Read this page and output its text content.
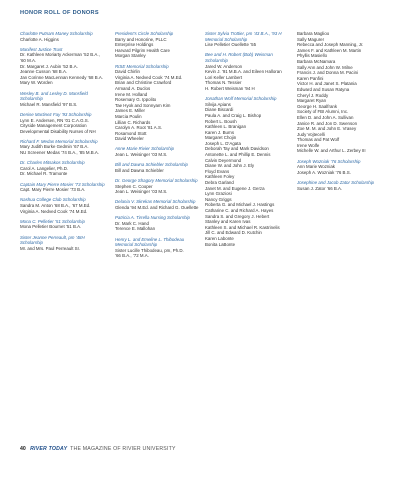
HONOR ROLL OF DONORS
Charlotte Putnam Maney Scholarship
Charlotte A. Higgins
Manifest Justice Trust
Dr. Kathleen Moriarty Ackerman ’52 B.A.,
’60 M.A.
Dr. Margaret J. Aubin ’52 B.A.
Jeanne Cusson ’68 B.A.
Jan Corinne MacLennan Kennedy ’68 B.A.
Mary W. Worden
Wesley B. and Lesley D. Mansfield
Scholarship
Michael R. Mansfield ’97 B.S.
Denise Martinez Fay ’93 Scholarship
Lynn E. Andersen, RN ’01 C.A.G.S.
Cityside Management Corporation
Developmental Disability Nurses of NH
Richard F. Medas Memorial Scholarship
Mary Judith Burke Gedmin ’67 B.A.
NU Screener Medas ’74 B.A., ’85 M.B.A.
Dr. Charles Mitsakos Scholarship
Carol A. Langelier, Ph.D.
Dr. Michael R. Tramonte
Captain Mary Pierre Mosier ’73 Scholarship
Capt. Mary Pierre Mosier ’73 B.A.
Nashua College Club Scholarship
Sandra M. Anton ’68 B.A., ’67 M.Ed.
Virginia A. Nedved Cook ’74 M.Ed.
Mona C. Pelletier ’51 Scholarship
Mona Pelletier Bournet ’51 B.A.
Sister Jeanne Perreault, pm ’48H
Scholarship
Mr. and Mrs. Paul Perreault Sr.
President’s Circle Scholarship
Barry and Honorine, PLLC
Enterprise Holdings
Harvard Pilgrim Health Care
Morgan Stanley
RISE Memorial Scholarship
David Chirlin
Virginia A. Nedved Cook ’74 M.Ed.
Brian and Christine Crawford
Armand A. Duclos
Irene M. Holland
Rosemary G. Ippolito
Tae Hyok and Sonnyam Kim
James E. Miller
Marcia Poulin
Lillian C. Richards
Carolyn A. Root ’81 A.S.
Rosamond Stott
David Wheeler
Anne Marie Rivier Scholarship
Jean L. Weisinger ’03 M.S.
Bill and Dawna Schiebler Scholarship
Bill and Dawna Schiebler
Dr. George Shagory Memorial Scholarship
Stephen C. Cooper
Jean L. Weisinger ’03 M.S.
Delania V. Skrekas Memorial Scholarship
Glenda ’94 M.Ed. and Richard G. Ouellette
Patricia A. Tirrella Nursing Scholarship
Dr. Mark C. Hand
Terence E. Mallohan
Henry L. and Emeline L. Thibodeau
Memorial Scholarship
Sister Lucille Thibodeau, pm, Ph.D.
’66 B.A., ’72 M.A.
Sister Sylvia Trottier, pm ’43 B.A., ’93 H
Memorial Scholarship
Lise Pelletier Ouellette ’55
Bee and H. Robert (Bob) Weisman
Scholarship
Jared W. Anderson
Kevin J. ’91 M.B.A. and Eileen Halloran
Lori Keller Lambert
Thomas N. Tessier
H. Robert Weisman ’94 H
Jonathan Wolf Memorial Scholarship
Silvija Apians
Diane Biscardi
Paula A. and Craig L. Bishop
Robert L. Boush
Kathleen L. Branigan
Karen J. Burns
Margaret Chojin
Joseph L. D’Agata
Deborah Tay and Mark Davidson
Antonette L. and Phillip E. Dennis
Calvin Deyermond
Diane W. and John J. Ely
Floyd Evans
Kathleen Foley
Debra Garland
Janet M. and Eugene J. Gerza
Lynn Graziosi
Nancy Griggs
Roberta G. and Michael J. Hastings
Catharine C. and Richard A. Hayes
Sandra S. and Gregory J. Hebert
Stanley and Karen Ivas
Kathleen S. and Michael R. Kastrinelis
Jill C. and Edward D. Kutchin
Karen Labonte
Bonita LaBonte
Barbara Maglioo
Sally Magurer
Rebecca and Joseph Manning, Jr.
James F. and Kathleen M. Martin
Phyllis Masiello
Barbara McNamara
Sally Ann and John W. Milne
Francis J. and Donna M. Pacini
Karen Panfini
Victor H. and Janet S. Platania
Edward and Susan Ratyna
Cheryl J. Roddy
Margaret Ryan
George H. Saalfrank
Society of FBI Alumni, Inc.
Ellen D. and John A. Sullivan
Janice R. and Jon D. Swenson
Zoe M. M. and John E. Vrasey
Judy Vojtecelli
Thomas and Pat Wolf
Irene Wolfe
Michelle W. and Arthur L. Zerbey III
Joseph Wozniak ’76 Scholarship
Ann Marie Wozniak
Joseph A. Wozniak ’76 B.S.
Josephine and Jacob Zator Scholarship
Susan J. Zator ’66 B.A.
40 RIVER TODAY THE MAGAZINE OF RIVIER UNIVERSITY
